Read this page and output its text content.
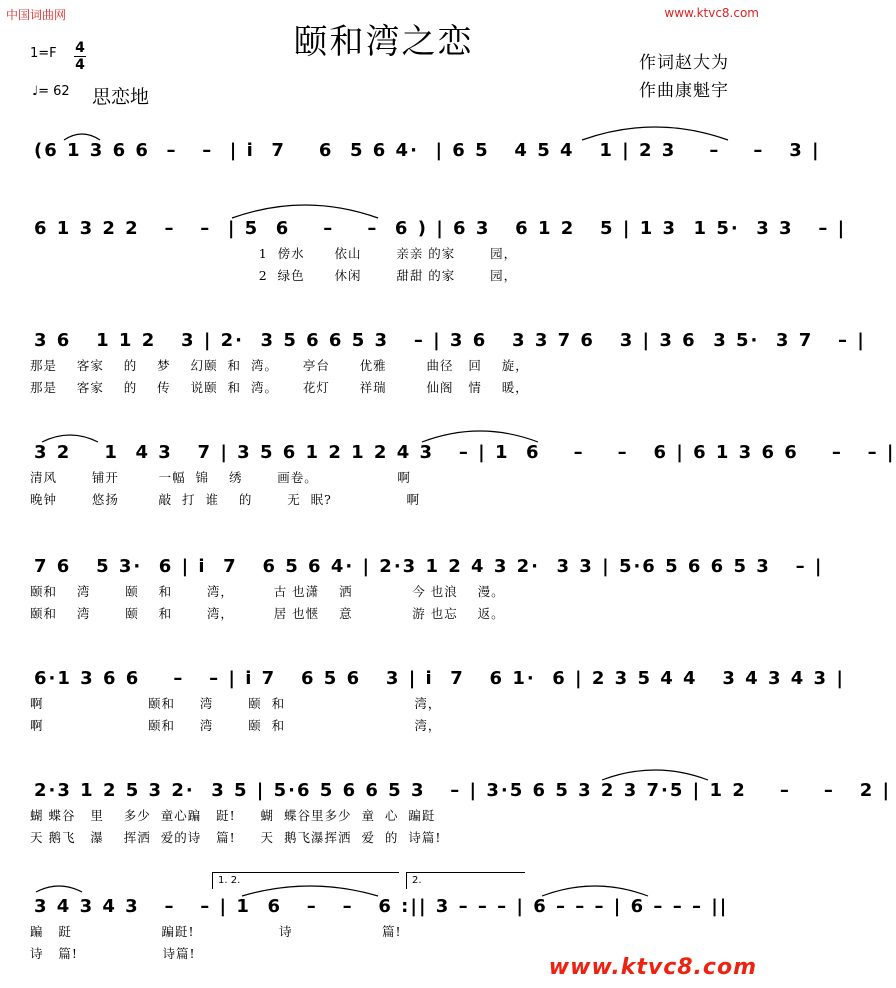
中国词曲网	www.ktvc8.com
www.ktvc8.com
颐和湾之恋
1=F 4
4
♩= 62 思恋地
作词赵大为
作曲康魁宇
(6 1 3 6 6  –   –  | i  7    6  5 6 4·  | 6 5   4 5 4   1 | 2 3    –    –   3 |
6 1 3 2 2   –   –  | 5  6    –    –  6 ) | 6 3   6 1 2   5 | 1 3  1 5·  3 3   – |
1  傍水      依山       亲亲 的家       园，
2  绿色      休闲       甜甜 的家       园，
3 6   1 1 2   3 | 2·  3 5 6 6 5 3   – | 3 6   3 3 7 6   3 | 3 6  3 5·  3 7   – |
那是    客家    的    梦    幻颐  和  湾。     亭台      优雅        曲径   回    旋，
那是    客家    的    传    说颐  和  湾。     花灯      祥瑞        仙阁   情    暖，
3 2    1  4 3   7 | 3 5 6 1 2 1 2 4 3   – | 1  6    –    –   6 | 6 1 3 6 6    –   – |
清风       铺开        一幅  锦    绣       画卷。                啊
晚钟       悠扬        敲  打  谁    的       无  眠?               啊
7 6   5 3·  6 | i  7   6 5 6 4· | 2·3 1 2 4 3 2·  3 3 | 5·6 5 6 6 5 3   – |
颐和    湾       颐    和       湾，        古 也潇    洒            今 也浪    漫。
颐和    湾       颐    和       湾，        居 也惬    意            游 也忘    返。
6·1 3 6 6    –   – | i 7   6 5 6   3 | i  7   6 1·  6 | 2 3 5 4 4   3 4 3 4 3 |
啊                     颐和     湾       颐  和                          湾，
啊                     颐和     湾       颐  和                          湾，
2·3 1 2 5 3 2·  3 5 | 5·6 5 6 6 5 3   – | 3·5 6 5 3 2 3 7·5 | 1 2    –    –   2 |
蝴 蝶谷   里    多少  童心蹁   跹!     蝴  蝶谷里多少  童  心  蹁跹
天 鹅飞   瀑    挥洒  爱的诗   篇!     天  鹅飞瀑挥洒  爱  的  诗篇!
1. 2.	2.
3 4 3 4 3   –   – | 1  6   –   –   6 :|| 3 – – – | 6 – – – | 6 – – – ||
蹁   跹                  蹁跹!                 诗                  篇!
诗   篇!                 诗篇!
